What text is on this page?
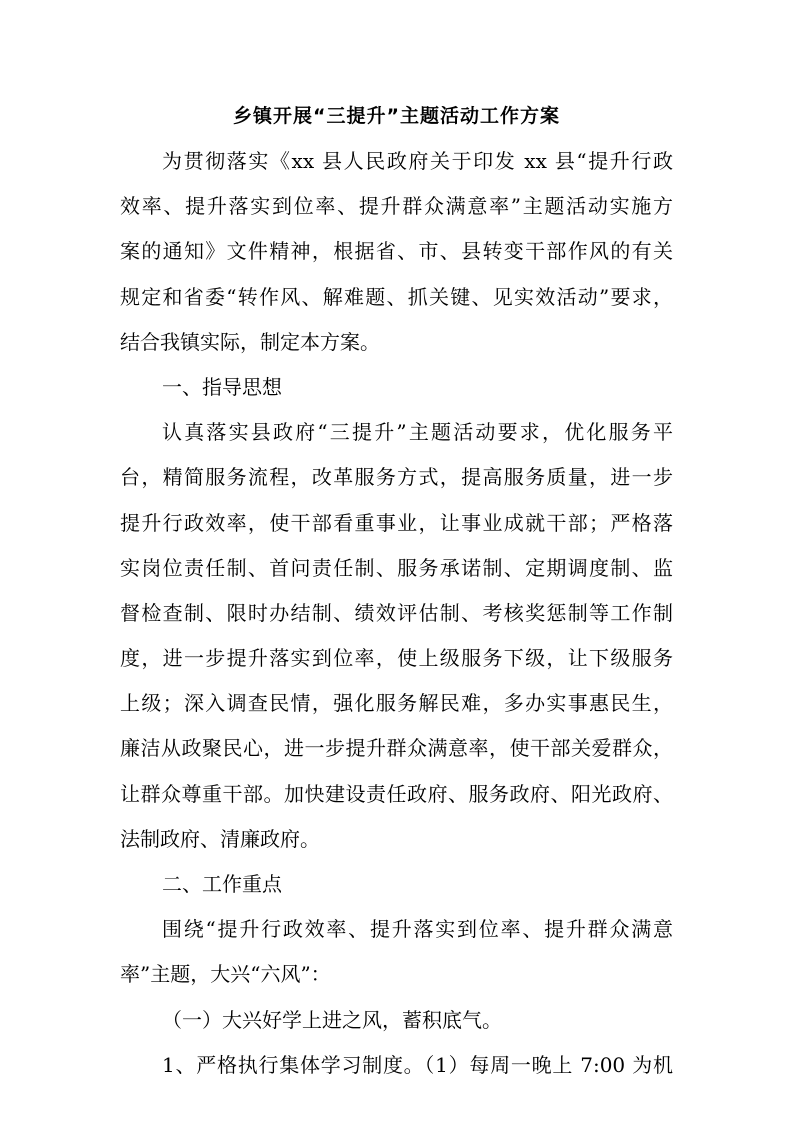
乡镇开展“三提升”主题活动工作方案
为贯彻落实《xx 县人民政府关于印发 xx 县“提升行政
效率、提升落实到位率、提升群众满意率”主题活动实施方
案的通知》文件精神，根据省、市、县转变干部作风的有关
规定和省委“转作风、解难题、抓关键、见实效活动”要求，
结合我镇实际，制定本方案。
一、指导思想
认真落实县政府“三提升”主题活动要求，优化服务平
台，精简服务流程，改革服务方式，提高服务质量，进一步
提升行政效率，使干部看重事业，让事业成就干部；严格落
实岗位责任制、首问责任制、服务承诺制、定期调度制、监
督检查制、限时办结制、绩效评估制、考核奖惩制等工作制
度，进一步提升落实到位率，使上级服务下级，让下级服务
上级；深入调查民情，强化服务解民难，多办实事惠民生，
廉洁从政聚民心，进一步提升群众满意率，使干部关爱群众，
让群众尊重干部。加快建设责任政府、服务政府、阳光政府、
法制政府、清廉政府。
二、工作重点
围绕“提升行政效率、提升落实到位率、提升群众满意
率”主题，大兴“六风”：
（一）大兴好学上进之风，蓄积底气。
1、严格执行集体学习制度。（1）每周一晚上 7:00 为机
